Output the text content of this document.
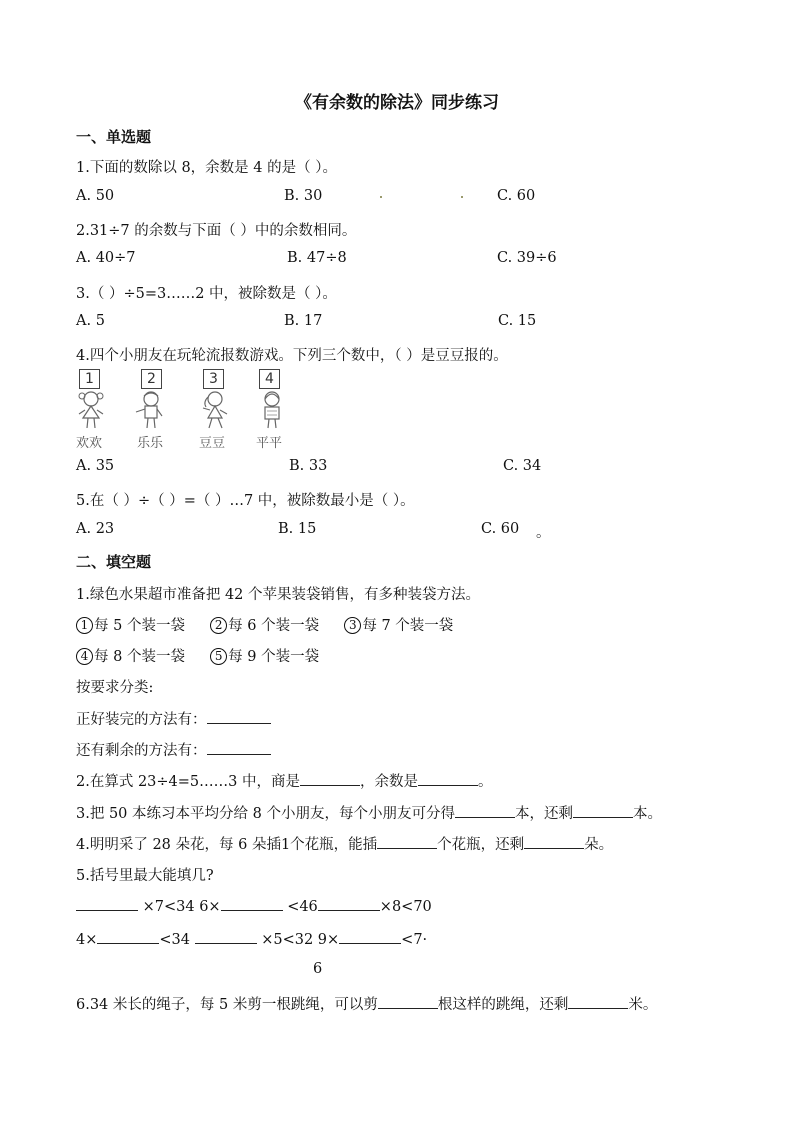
《有余数的除法》同步练习
一、单选题
1.下面的数除以 8，余数是 4 的是（ ）。
A. 50	B. 30	C. 60
2.31÷7 的余数与下面（ ）中的余数相同。
A. 40÷7	B. 47÷8	C. 39÷6
3.（ ）÷5=3……2 中，被除数是（ ）。
A. 5	B. 17	C. 15
4.四个小朋友在玩轮流报数游戏。下列三个数中，（ ）是豆豆报的。
1	2	3	4
欢欢	乐乐	豆豆 平平
A. 35	B. 33	C. 34
5.在（ ）÷（ ）=（ ）…7 中，被除数最小是（ ）。
A. 23	B. 15	C. 60 。
二、填空题
1.绿色水果超市准备把 42 个苹果装袋销售，有多种装袋方法。
1 每 5 个装一袋 2 每 6 个装一袋 3 每 7 个装一袋
4 每 8 个装一袋 5 每 9 个装一袋
按要求分类:
正好装完的方法有：
还有剩余的方法有：
2.在算式 23÷4=5……3 中，商是	，余数是	。
3.把 50 本练习本平均分给 8 个小朋友，每个小朋友可分得	本，还剩	本。
4.明明采了 28 朵花，每 6 朵插1个花瓶，能插	个花瓶，还剩	朵。
5.括号里最大能填几?
×7<34 6×	<46	×8<70
4×	<34	×5<32 9×	<7·
6
6.34 米长的绳子，每 5 米剪一根跳绳，可以剪	根这样的跳绳，还剩	米。
